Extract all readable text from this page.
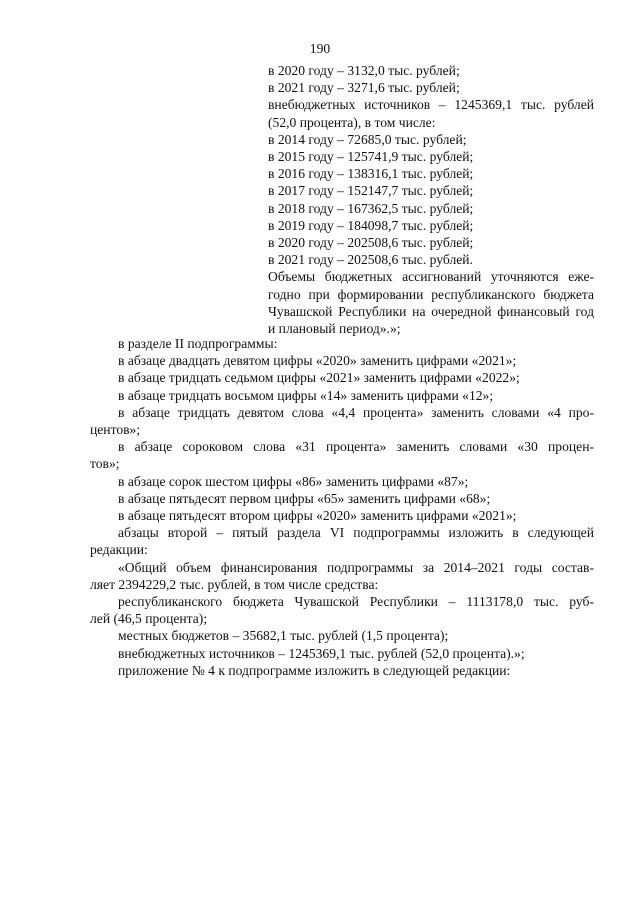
190

в 2020 году – 3132,0 тыс. рублей;

в 2021 году – 3271,6 тыс. рублей;

внебюджетных источников – 1245369,1 тыс. рублей

(52,0 процента), в том числе:

в 2014 году – 72685,0 тыс. рублей;

в 2015 году – 125741,9 тыс. рублей;

в 2016 году – 138316,1 тыс. рублей;

в 2017 году – 152147,7 тыс. рублей;

в 2018 году – 167362,5 тыс. рублей;

в 2019 году – 184098,7 тыс. рублей;

в 2020 году – 202508,6 тыс. рублей;

в 2021 году – 202508,6 тыс. рублей.

Объемы бюджетных ассигнований уточняются еже-

годно при формировании республиканского бюджета

Чувашской Республики на очередной финансовый год

и плановый период».»;

в разделе II подпрограммы:

в абзаце двадцать девятом цифры «2020» заменить цифрами «2021»;

в абзаце тридцать седьмом цифры «2021» заменить цифрами «2022»;

в абзаце тридцать восьмом цифры «14» заменить цифрами «12»;

в абзаце тридцать девятом слова «4,4 процента» заменить словами «4 про-
центов»;

в абзаце сороковом слова «31 процента» заменить словами «30 процен-
тов»;

в абзаце сорок шестом цифры «86» заменить цифрами «87»;

в абзаце пятьдесят первом цифры «65» заменить цифрами «68»;

в абзаце пятьдесят втором цифры «2020» заменить цифрами «2021»;

абзацы второй – пятый раздела VI подпрограммы изложить в следующей
редакции:

«Общий объем финансирования подпрограммы за 2014–2021 годы состав-
ляет 2394229,2 тыс. рублей, в том числе средства:

республиканского бюджета Чувашской Республики – 1113178,0 тыс. руб-
лей (46,5 процента);

местных бюджетов – 35682,1 тыс. рублей (1,5 процента);

внебюджетных источников – 1245369,1 тыс. рублей (52,0 процента).»;

приложение № 4 к подпрограмме изложить в следующей редакции:
